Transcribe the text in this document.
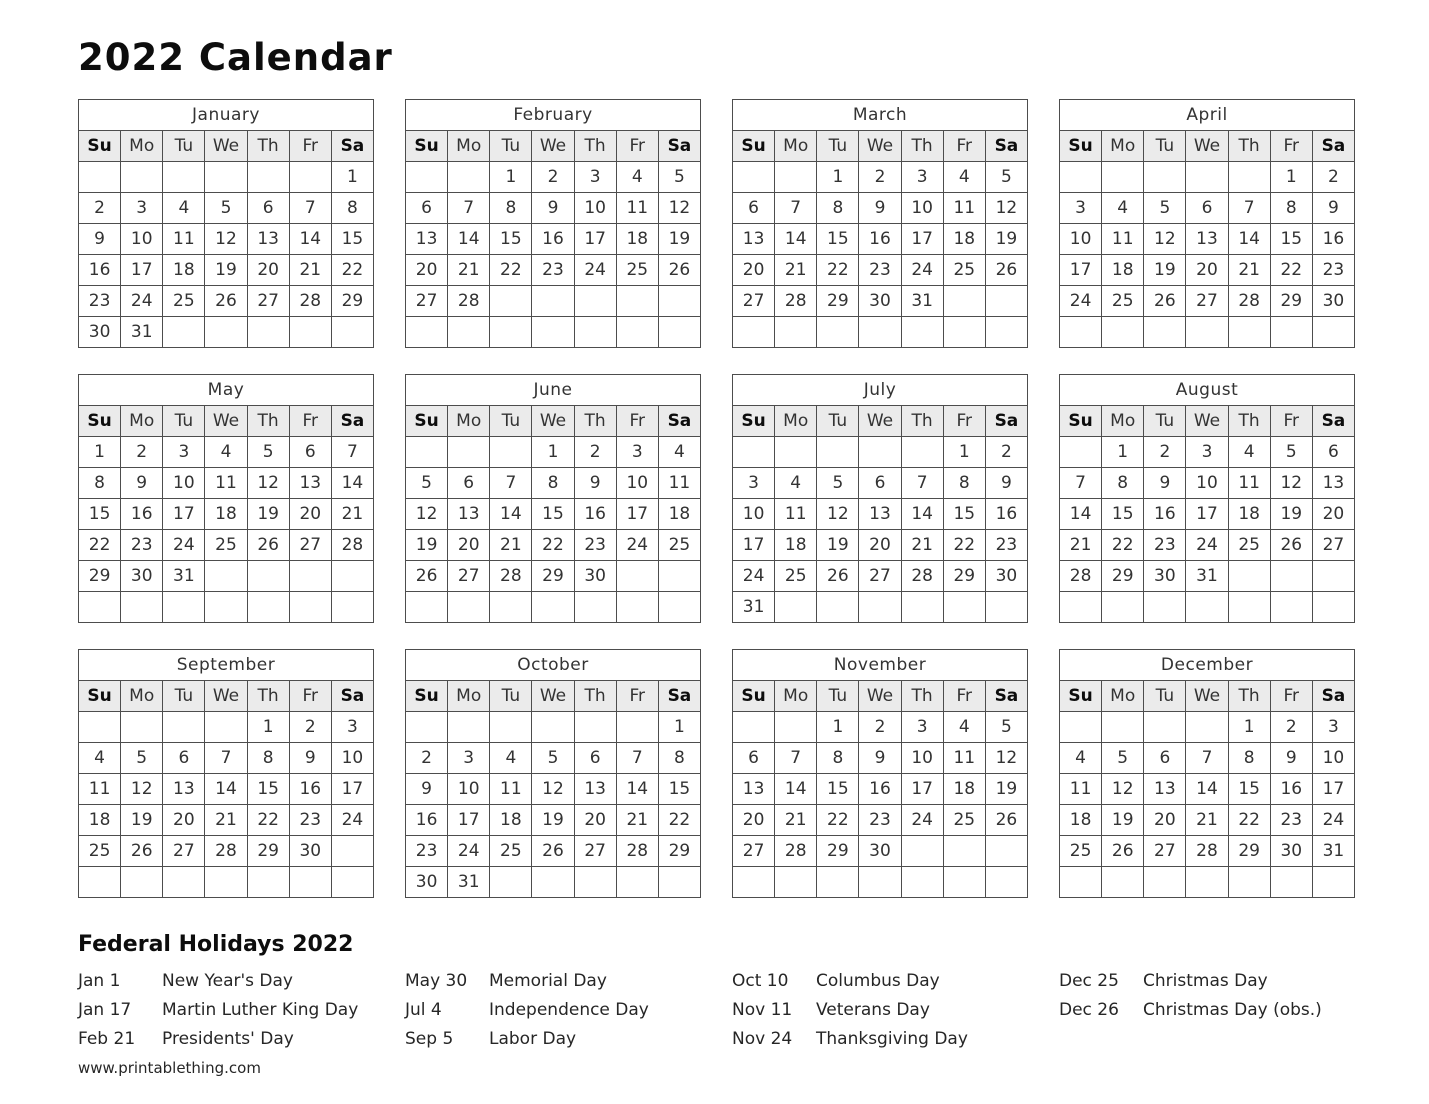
2022 Calendar
January						
Su	Mo	Tu	We	Th	Fr	Sa
						1
2	3	4	5	6	7	8
9	10	11	12	13	14	15
16	17	18	19	20	21	22
23	24	25	26	27	28	29
30	31					
February						
Su	Mo	Tu	We	Th	Fr	Sa
		1	2	3	4	5
6	7	8	9	10	11	12
13	14	15	16	17	18	19
20	21	22	23	24	25	26
27	28					

March						
Su	Mo	Tu	We	Th	Fr	Sa
		1	2	3	4	5
6	7	8	9	10	11	12
13	14	15	16	17	18	19
20	21	22	23	24	25	26
27	28	29	30	31		

April						
Su	Mo	Tu	We	Th	Fr	Sa
					1	2
3	4	5	6	7	8	9
10	11	12	13	14	15	16
17	18	19	20	21	22	23
24	25	26	27	28	29	30

May						
Su	Mo	Tu	We	Th	Fr	Sa
1	2	3	4	5	6	7
8	9	10	11	12	13	14
15	16	17	18	19	20	21
22	23	24	25	26	27	28
29	30	31				

June						
Su	Mo	Tu	We	Th	Fr	Sa
			1	2	3	4
5	6	7	8	9	10	11
12	13	14	15	16	17	18
19	20	21	22	23	24	25
26	27	28	29	30		

July						
Su	Mo	Tu	We	Th	Fr	Sa
					1	2
3	4	5	6	7	8	9
10	11	12	13	14	15	16
17	18	19	20	21	22	23
24	25	26	27	28	29	30
31						
August						
Su	Mo	Tu	We	Th	Fr	Sa
	1	2	3	4	5	6
7	8	9	10	11	12	13
14	15	16	17	18	19	20
21	22	23	24	25	26	27
28	29	30	31			

September						
Su	Mo	Tu	We	Th	Fr	Sa
				1	2	3
4	5	6	7	8	9	10
11	12	13	14	15	16	17
18	19	20	21	22	23	24
25	26	27	28	29	30	

October						
Su	Mo	Tu	We	Th	Fr	Sa
						1
2	3	4	5	6	7	8
9	10	11	12	13	14	15
16	17	18	19	20	21	22
23	24	25	26	27	28	29
30	31					
November						
Su	Mo	Tu	We	Th	Fr	Sa
		1	2	3	4	5
6	7	8	9	10	11	12
13	14	15	16	17	18	19
20	21	22	23	24	25	26
27	28	29	30			

December						
Su	Mo	Tu	We	Th	Fr	Sa
				1	2	3
4	5	6	7	8	9	10
11	12	13	14	15	16	17
18	19	20	21	22	23	24
25	26	27	28	29	30	31

Federal Holidays 2022
Jan 1	New Year's Day
Jan 17	Martin Luther King Day
Feb 21	Presidents' Day
May 30	Memorial Day
Jul 4	Independence Day
Sep 5	Labor Day
Oct 10	Columbus Day
Nov 11	Veterans Day
Nov 24	Thanksgiving Day
Dec 25	Christmas Day
Dec 26	Christmas Day (obs.)
www.printablething.com
